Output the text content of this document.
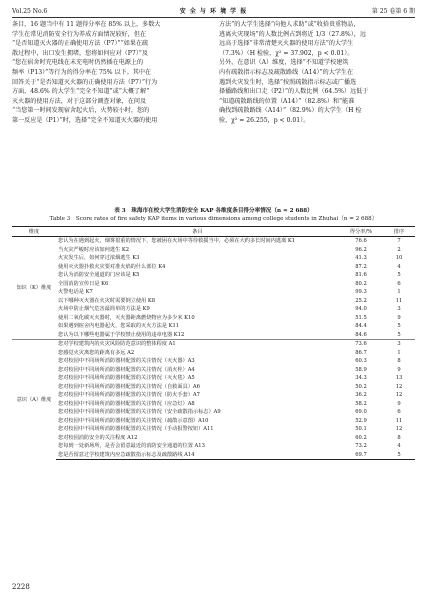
Vol.25 No.6	安 全 与 环 境 学 报	第 25 卷第 6 期
条目，16 题当中有 11 题得分率在 85% 以上，多数大
学生在常见消防安全行为养成方面情况较好，但在
“是否知道灭火器的正确使用方法（P7）”“如果在疏
散过程中，出口发生拥堵，您将如何应对（P7）”及
“您在宿舍时充电线在未充电时仍然插在电源上的
频率（P13）”等行为的得分率在 75% 以下。其中在
回答关于“是否知道灭火器的正确使用方法（P7）”行为
方面，48.6% 的大学生“完全不知道”或“大概了解”
灭火器的使用方法，对于这部分调查对象，在问及
“当您第一时间发现宿舍起火后，火势较小时，您的
第一反应是（P1）”时，选择“完全不知道灭火器的使用
方法”的大学生选择“向他人求助”或“收拾贵重物品，
逃离火灾现场”的人数比例占到将近 1/3（27.8%），远
远高于选择“非常清楚灭火器的使用方法”的大学生
（7.3%）（H 检验，χ² = 37.902，p < 0.01）。
另外，在意识（A）维度，选择“不知道学校建筑
内有疏散指示标志及疏散路线（A14）”的大学生在
遇到火灾发生时，选择“按照疏散指示标志或广播选
择播路线和出口走（P2）”的人数比例（64.5%）远低于
“知道疏散路线的位置（A14）”（82.8%）和“能准
确找到疏散路线（A14）”（82.9%）的大学生（H 检
验，χ² = 26.255，p < 0.01）。
表 3　珠海市在校大学生消防安全 KAP 各维度条目得分率情况（n = 2 688）
Table 3　Score rates of fire safety KAP items in various dimensions among college students in Zhuhai（n = 2 688）
维度	条目	得分率/%	排序
知识（K）维度	您认为在遇到起火，烟雾很重的情况下，您被困在火场中等待救援当中，必须在大约多长时间内逃离 K1	76.6	7
	当火灾严峻时应该如何逃生 K2	96.2	2
	火灾发生后，如何穿过浓烟逃生 K3	41.3	10
	使用灭火器扑救火灾要对准火焰的什么部位 K4	87.2	4
	您认为消防安全通道的门应该是 K5	81.6	5
	全国消防宣传日是 K6	80.2	6
	火警电话是 K7	99.3	1
	以下哪种灭火器在火灾时需要倒立使用 K8	25.2	11
	火场中防止烟气危害最简单的方法是 K9	94.0	3
	使用二氧化碳灭火器时，灭火器距离燃烧物应为多少米 K10	51.5	9
	如果遇到宿舍内电器起火，您采取的灭火方法是 K11	84.4	5
	您认为以下哪些电器属于学校禁止使用的违章电器 K12	84.6	5
意识（A）维度	您对学校建筑内的火灾风险防范意识的整体程度 A1	73.6	3
	您感觉火灾离您的距离有多远 A2	86.7	1
	您对校园中不同场所消防器材配置的关注情况（灭火器）A3	60.3	8
	您对校园中不同场所消防器材配置的关注情况（消火栓）A4	58.9	9
	您对校园中不同场所消防器材配置的关注情况（灭火毯）A5	34.3	13
	您对校园中不同场所消防器材配置的关注情况（自救面具）A6	50.2	12
	您对校园中不同场所消防器材配置的关注情况（防火手套）A7	36.2	12
	您对校园中不同场所消防器材配置的关注情况（应急灯）A8	58.2	9
	您对校园中不同场所消防器材配置的关注情况（安全疏散指示标志）A9	69.0	6
	您对校园中不同场所消防器材配置的关注情况（疏散示意图）A10	52.9	11
	您对校园中不同场所消防器材配置的关注情况（手动报警按钮）A11	50.1	12
	您对校园消防安全的关注程度 A12	60.2	8
	您每到一处新场所，是否会留意最近的消防安全通道的位置 A13	73.2	4
	您是否留意过学校建筑内应急疏散指示标志及疏散路线 A14	69.7	5
2228
